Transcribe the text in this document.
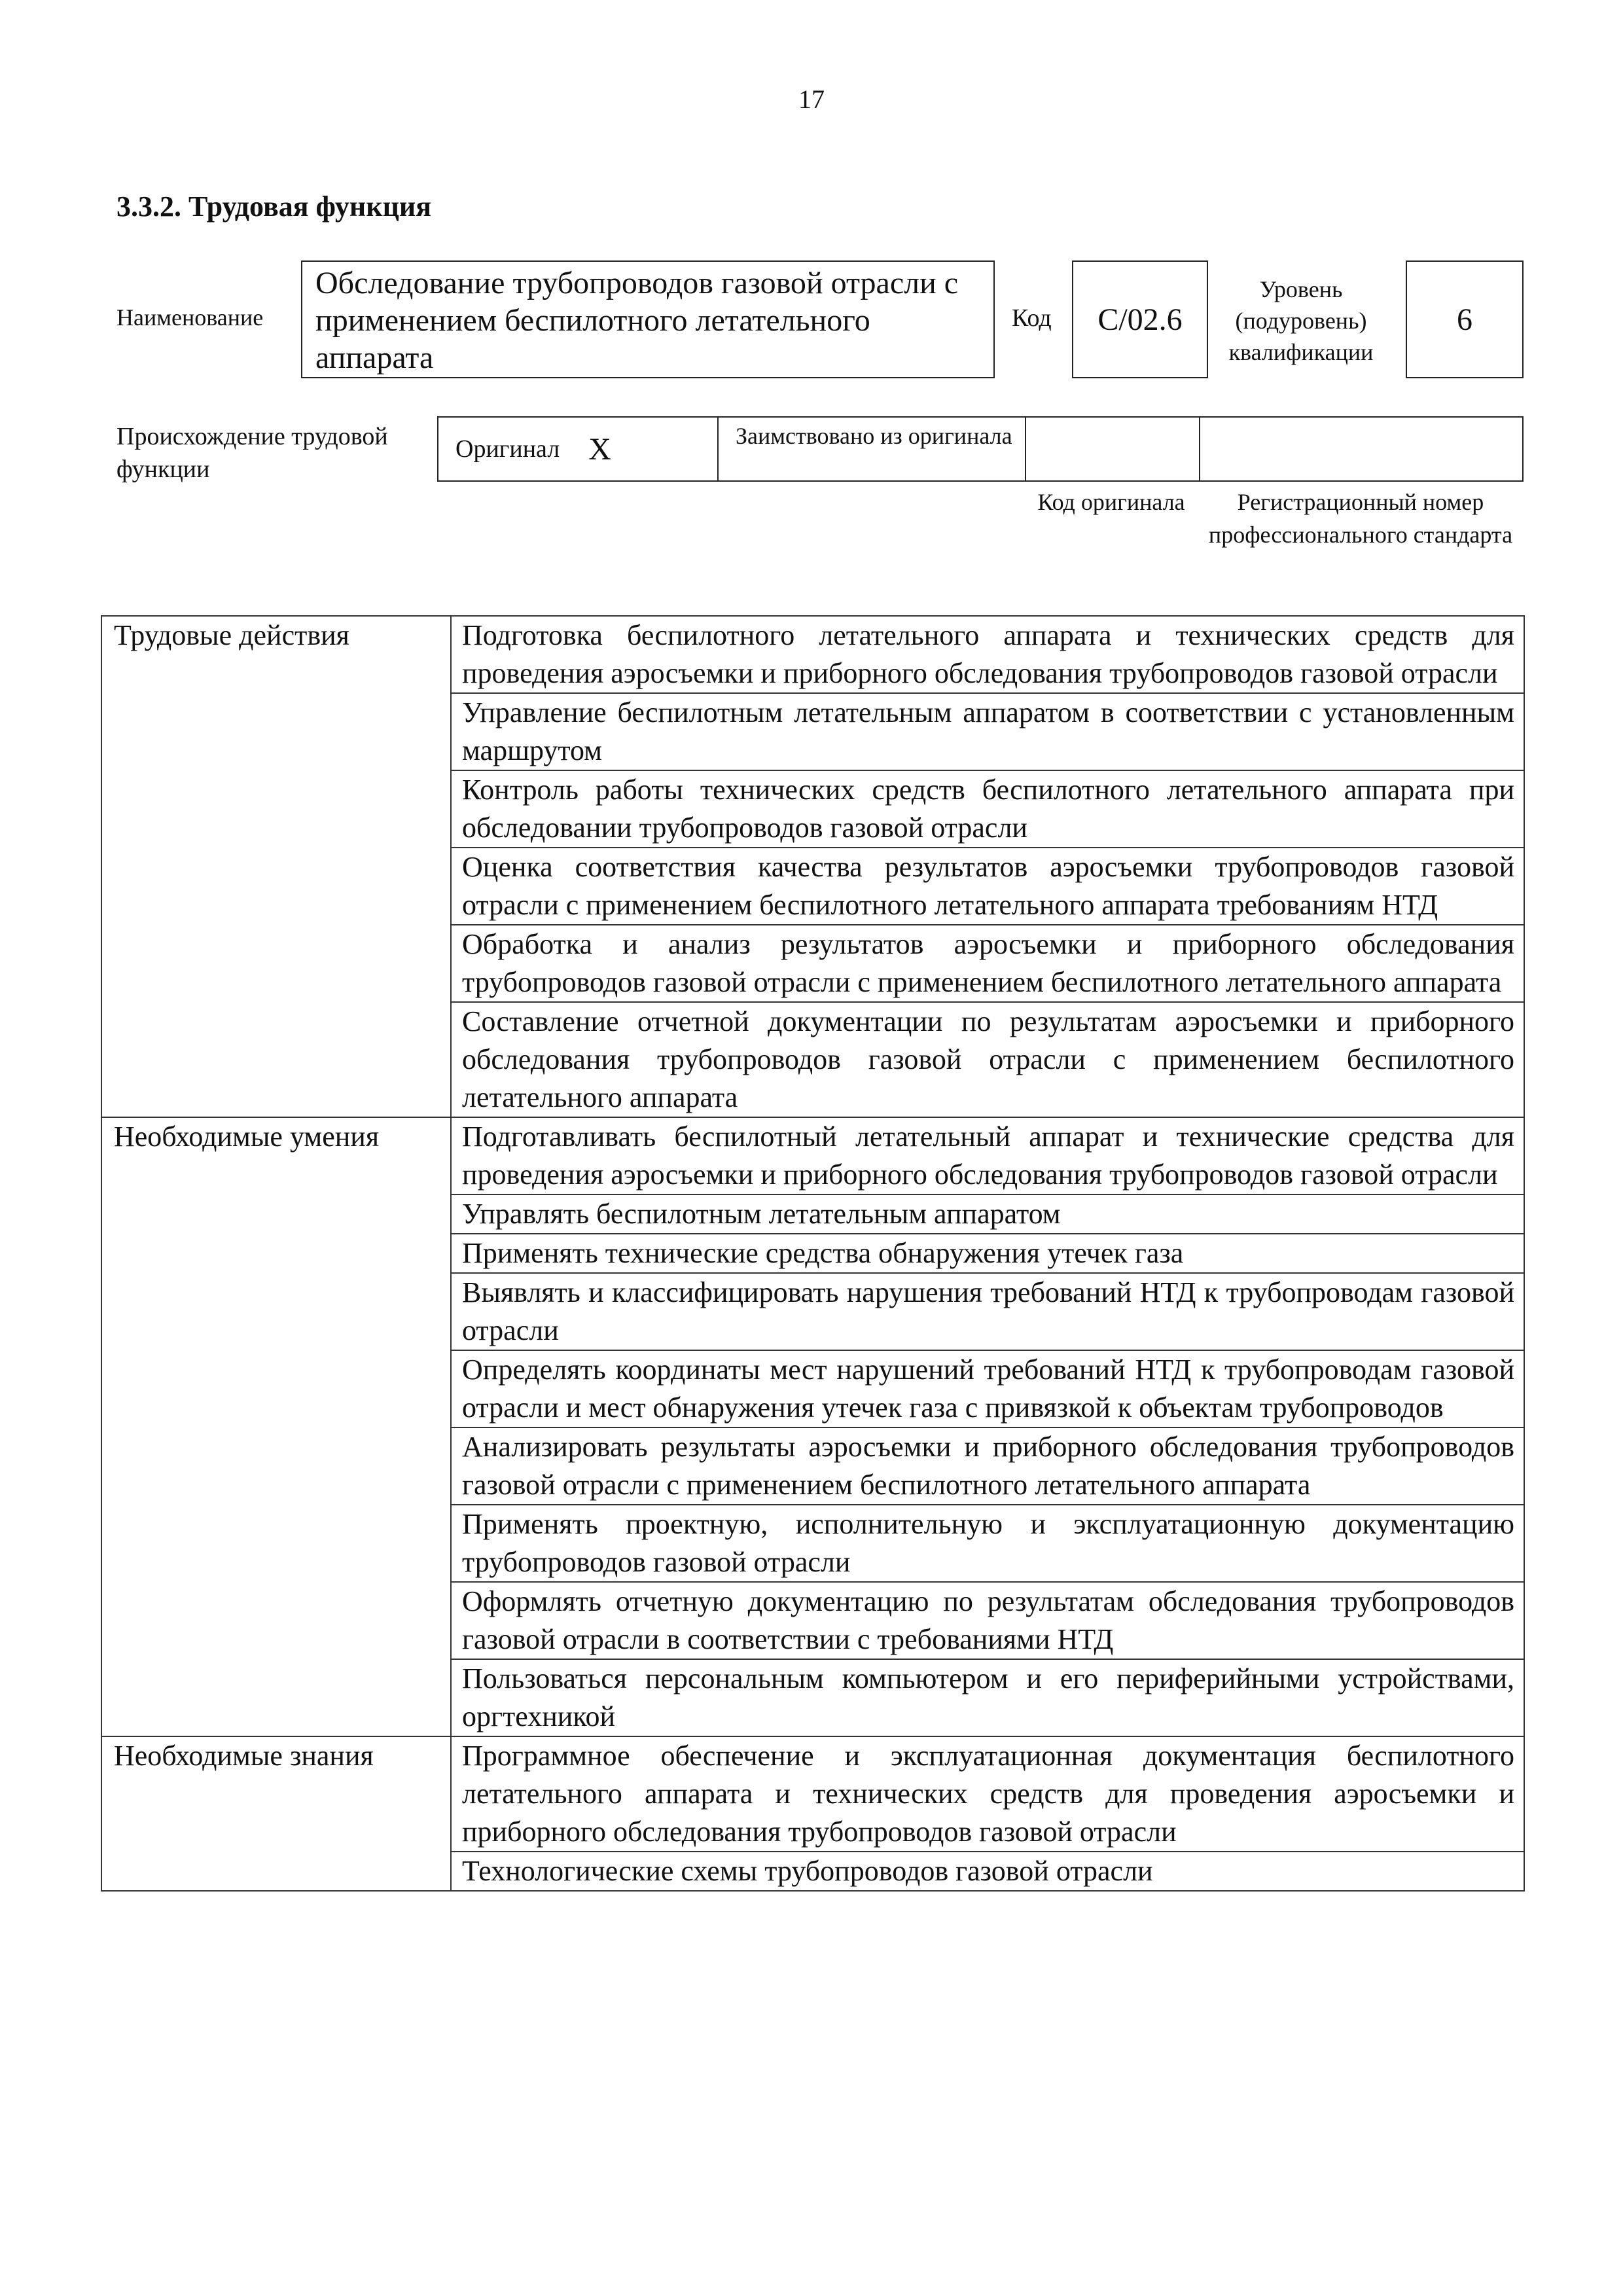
17
3.3.2. Трудовая функция
Наименование
Обследование трубопроводов газовой отрасли с применением беспилотного летательного аппарата
Код	С/02.6
Уровень (подуровень) квалификации
6
Происхождение трудовой функции
Оригинал Х	Заимствовано из оригинала
Код оригинала	Регистрационный номер профессионального стандарта
Трудовые действия	Подготовка беспилотного летательного аппарата и технических средств для проведения аэросъемки и приборного обследования трубопроводов газовой отрасли
	Управление беспилотным летательным аппаратом в соответствии с установленным маршрутом
	Контроль работы технических средств беспилотного летательного аппарата при обследовании трубопроводов газовой отрасли
	Оценка соответствия качества результатов аэросъемки трубопроводов газовой отрасли с применением беспилотного летательного аппарата требованиям НТД
	Обработка и анализ результатов аэросъемки и приборного обследования трубопроводов газовой отрасли с применением беспилотного летательного аппарата
	Составление отчетной документации по результатам аэросъемки и приборного обследования трубопроводов газовой отрасли с применением беспилотного летательного аппарата
Необходимые умения	Подготавливать беспилотный летательный аппарат и технические средства для проведения аэросъемки и приборного обследования трубопроводов газовой отрасли
	Управлять беспилотным летательным аппаратом
	Применять технические средства обнаружения утечек газа
	Выявлять и классифицировать нарушения требований НТД к трубопроводам газовой отрасли
	Определять координаты мест нарушений требований НТД к трубопроводам газовой отрасли и мест обнаружения утечек газа с привязкой к объектам трубопроводов
	Анализировать результаты аэросъемки и приборного обследования трубопроводов газовой отрасли с применением беспилотного летательного аппарата
	Применять проектную, исполнительную и эксплуатационную документацию трубопроводов газовой отрасли
	Оформлять отчетную документацию по результатам обследования трубопроводов газовой отрасли в соответствии с требованиями НТД
	Пользоваться персональным компьютером и его периферийными устройствами, оргтехникой
Необходимые знания	Программное обеспечение и эксплуатационная документация беспилотного летательного аппарата и технических средств для проведения аэросъемки и приборного обследования трубопроводов газовой отрасли
	Технологические схемы трубопроводов газовой отрасли
